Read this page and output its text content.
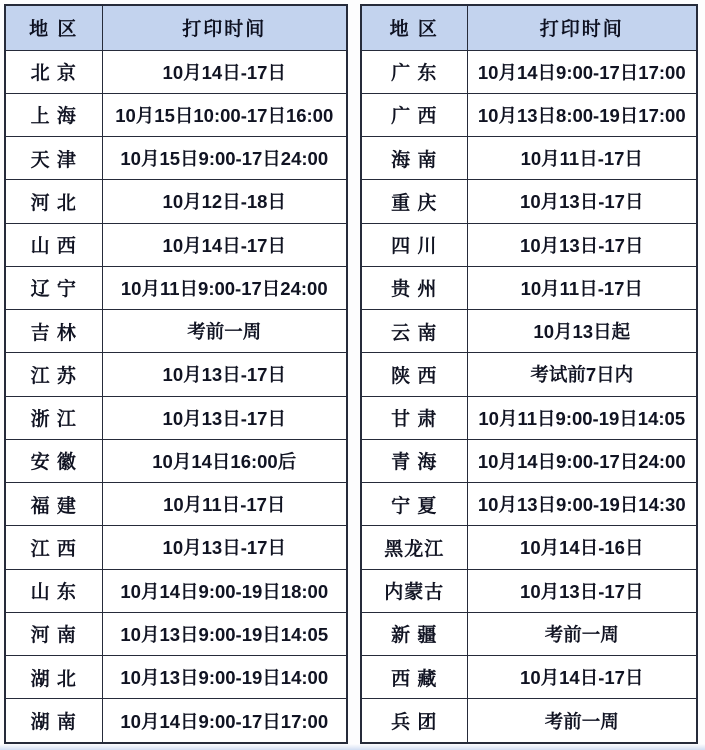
地 区	打印时间
北 京	10月14日-17日
上 海	10月15日10:00-17日16:00
天 津	10月15日9:00-17日24:00
河 北	10月12日-18日
山 西	10月14日-17日
辽 宁	10月11日9:00-17日24:00
吉 林	考前一周
江 苏	10月13日-17日
浙 江	10月13日-17日
安 徽	10月14日16:00后
福 建	10月11日-17日
江 西	10月13日-17日
山 东	10月14日9:00-19日18:00
河 南	10月13日9:00-19日14:05
湖 北	10月13日9:00-19日14:00
湖 南	10月14日9:00-17日17:00
地 区	打印时间
广 东	10月14日9:00-17日17:00
广 西	10月13日8:00-19日17:00
海 南	10月11日-17日
重 庆	10月13日-17日
四 川	10月13日-17日
贵 州	10月11日-17日
云 南	10月13日起
陕 西	考试前7日内
甘 肃	10月11日9:00-19日14:05
青 海	10月14日9:00-17日24:00
宁 夏	10月13日9:00-19日14:30
黑龙江	10月14日-16日
内蒙古	10月13日-17日
新 疆	考前一周
西 藏	10月14日-17日
兵 团	考前一周
